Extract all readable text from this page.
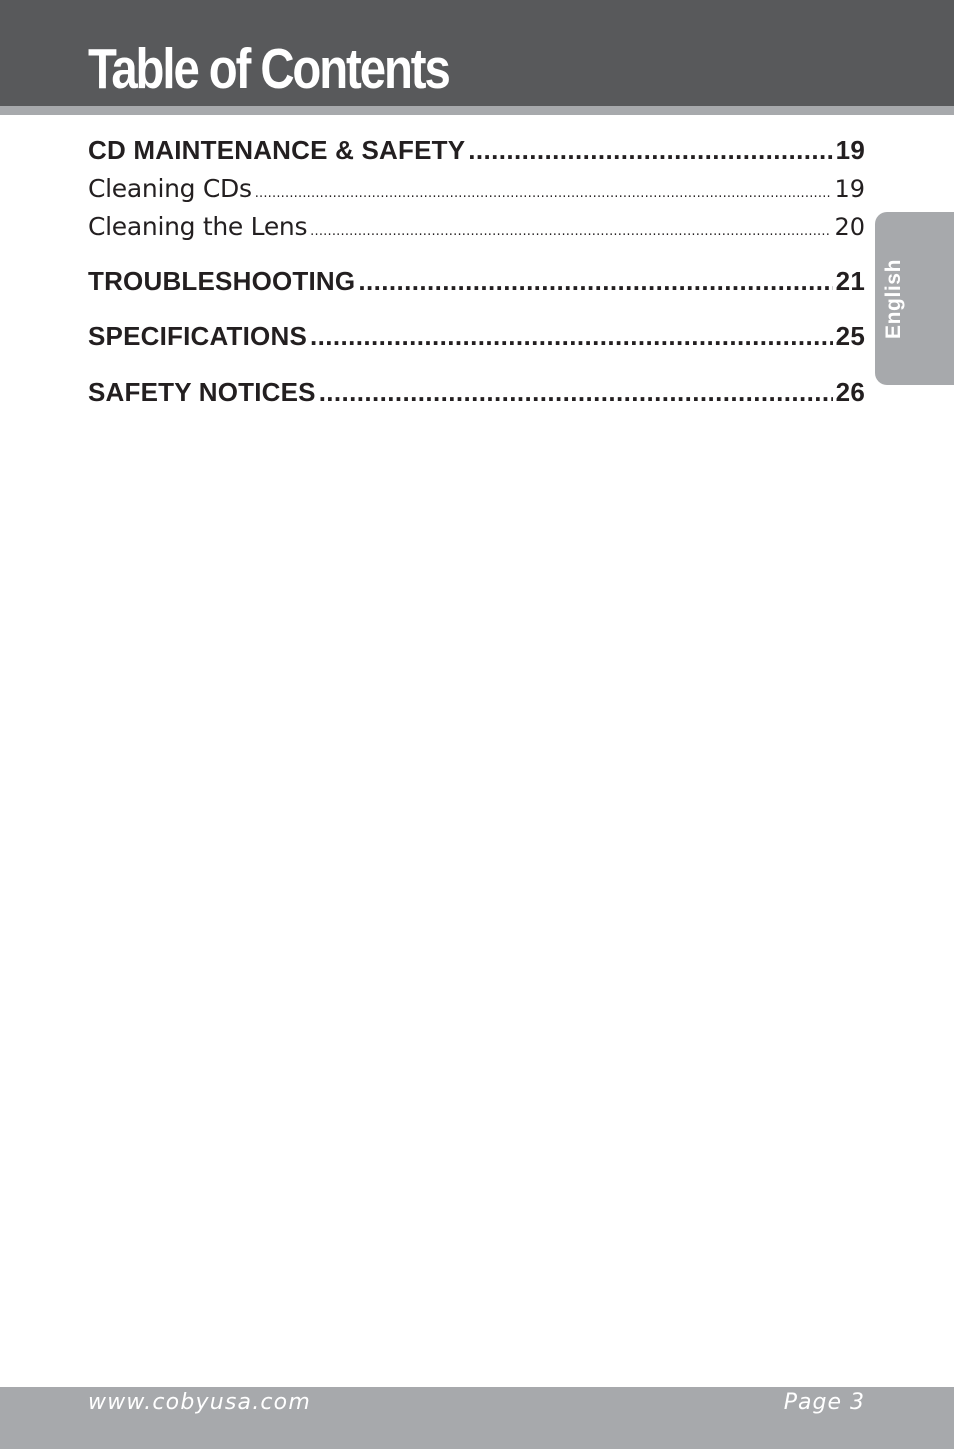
Table of Contents
English
CD MAINTENANCE & SAFETY .....	19
Cleaning CDs .....	19
Cleaning the Lens .....	20
TROUBLESHOOTING .....	21
SPECIFICATIONS .....	25
SAFETY NOTICES .....	26
www.cobyusa.com	Page 3
